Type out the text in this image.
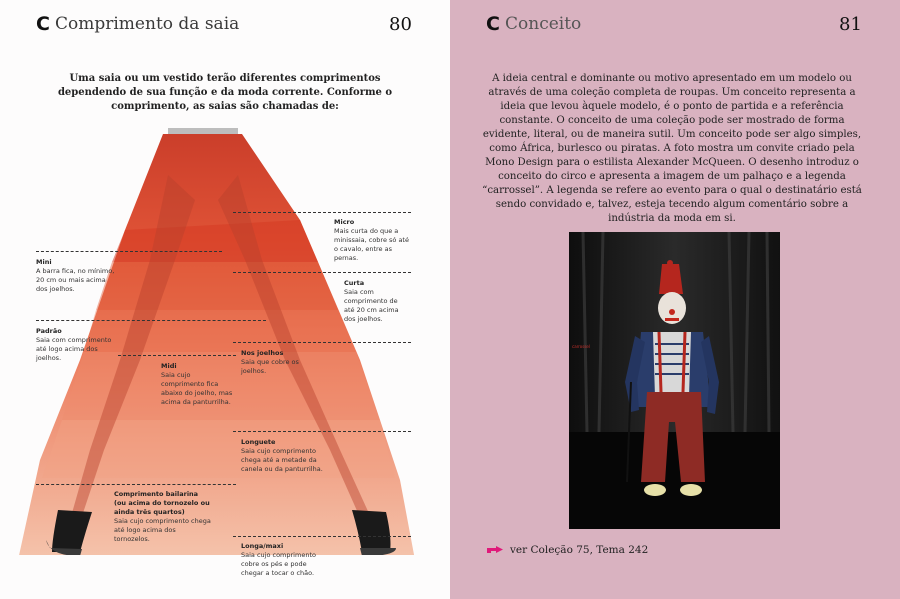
C Comprimento da saia	80

Uma saia ou um vestido terão diferentes comprimentos dependendo de sua função e da moda corrente. Conforme o comprimento, as saias são chamadas de:

Micro
Mais curta do que a minissaia, cobre só até o cavalo, entre as pernas.
Mini
A barra fica, no mínimo, 20 cm ou mais acima dos joelhos.
Curta
Saia com comprimento de até 20 cm acima dos joelhos.
Padrão
Saia com comprimento até logo acima dos joelhos.
Nos joelhos
Saia que cobre os joelhos.
Midi
Saia cujo comprimento fica abaixo do joelho, mas acima da panturrilha.
Longuete
Saia cujo comprimento chega até a metade da canela ou da panturrilha.
Comprimento bailarina (ou acima do tornozelo ou ainda três quartos)
Saia cujo comprimento chega até logo acima dos tornozelos.
Longa/maxi
Saia cujo comprimento cobre os pés e pode chegar a tocar o chão.
C Conceito	81

A ideia central e dominante ou motivo apresentado em um modelo ou através de uma coleção completa de roupas. Um conceito representa a ideia que levou àquele modelo, é o ponto de partida e a referência constante. O conceito de uma coleção pode ser mostrado de forma evidente, literal, ou de maneira sutil. Um conceito pode ser algo simples, como África, burlesco ou piratas. A foto mostra um convite criado pela Mono Design para o estilista Alexander McQueen. O desenho introduz o conceito do circo e apresenta a imagem de um palhaço e a legenda “carrossel”. A legenda se refere ao evento para o qual o destinatário está sendo convidado e, talvez, esteja tecendo algum comentário sobre a indústria da moda em si.

carrossel
ver Coleção 75, Tema 242
